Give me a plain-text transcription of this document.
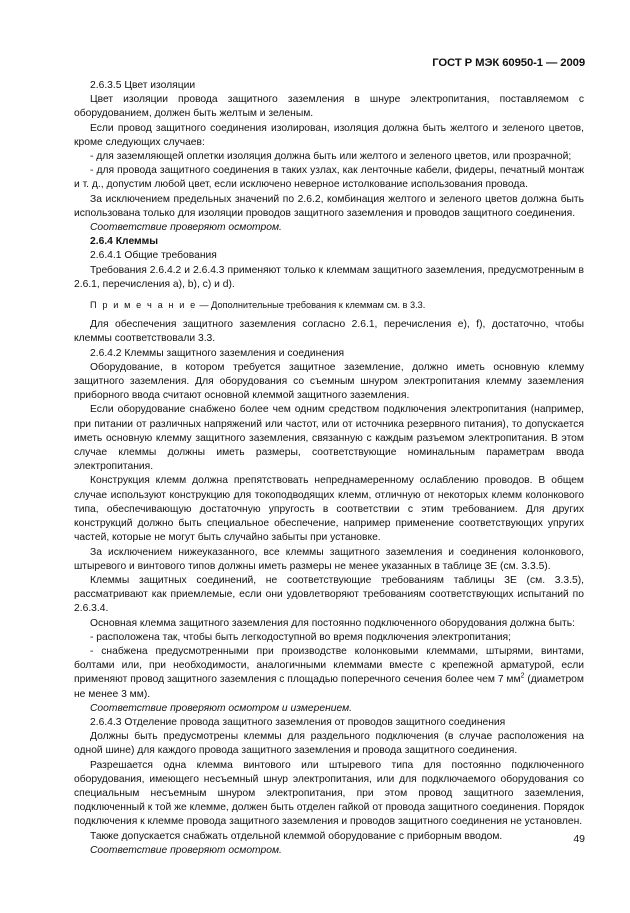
ГОСТ Р МЭК 60950-1 — 2009

2.6.3.5 Цвет изоляции

Цвет изоляции провода защитного заземления в шнуре электропитания, поставляемом с оборудованием, должен быть желтым и зеленым.

Если провод защитного соединения изолирован, изоляция должна быть желтого и зеленого цветов, кроме следующих случаев:

- для заземляющей оплетки изоляция должна быть или желтого и зеленого цветов, или прозрачной;

- для провода защитного соединения в таких узлах, как ленточные кабели, фидеры, печатный монтаж и т. д., допустим любой цвет, если исключено неверное истолкование использования провода.

За исключением предельных значений по 2.6.2, комбинация желтого и зеленого цветов должна быть использована только для изоляции проводов защитного заземления и проводов защитного соединения.

Соответствие проверяют осмотром.

2.6.4 Клеммы

2.6.4.1 Общие требования

Требования 2.6.4.2 и 2.6.4.3 применяют только к клеммам защитного заземления, предусмотренным в 2.6.1, перечисления а), b), с) и d).

П р и м е ч а н и е — Дополнительные требования к клеммам см. в 3.3.

Для обеспечения защитного заземления согласно 2.6.1, перечисления е), f), достаточно, чтобы клеммы соответствовали 3.3.

2.6.4.2 Клеммы защитного заземления и соединения

Оборудование, в котором требуется защитное заземление, должно иметь основную клемму защитного заземления. Для оборудования со съемным шнуром электропитания клемму заземления приборного ввода считают основной клеммой защитного заземления.

Если оборудование снабжено более чем одним средством подключения электропитания (например, при питании от различных напряжений или частот, или от источника резервного питания), то допускается иметь основную клемму защитного заземления, связанную с каждым разъемом электропитания. В этом случае клеммы должны иметь размеры, соответствующие номинальным параметрам ввода электропитания.

Конструкция клемм должна препятствовать непреднамеренному ослаблению проводов. В общем случае используют конструкцию для токоподводящих клемм, отличную от некоторых клемм колонкового типа, обеспечивающую достаточную упругость в соответствии с этим требованием. Для других конструкций должно быть специальное обеспечение, например применение соответствующих упругих частей, которые не могут быть случайно забыты при установке.

За исключением нижеуказанного, все клеммы защитного заземления и соединения колонкового, штыревого и винтового типов должны иметь размеры не менее указанных в таблице 3Е (см. 3.3.5).

Клеммы защитных соединений, не соответствующие требованиям таблицы 3Е (см. 3.3.5), рассматривают как приемлемые, если они удовлетворяют требованиям соответствующих испытаний по 2.6.3.4.

Основная клемма защитного заземления для постоянно подключенного оборудования должна быть:

- расположена так, чтобы быть легкодоступной во время подключения электропитания;

- снабжена предусмотренными при производстве колонковыми клеммами, штырями, винтами, болтами или, при необходимости, аналогичными клеммами вместе с крепежной арматурой, если применяют провод защитного заземления с площадью поперечного сечения более чем 7 $мм^2$ (диаметром не менее 3 мм).

Соответствие проверяют осмотром и измерением.

2.6.4.3 Отделение провода защитного заземления от проводов защитного соединения

Должны быть предусмотрены клеммы для раздельного подключения (в случае расположения на одной шине) для каждого провода защитного заземления и провода защитного соединения.

Разрешается одна клемма винтового или штыревого типа для постоянно подключенного оборудования, имеющего несъемный шнур электропитания, или для подключаемого оборудования со специальным несъемным шнуром электропитания, при этом провод защитного заземления, подключенный к той же клемме, должен быть отделен гайкой от провода защитного соединения. Порядок подключения к клемме провода защитного заземления и проводов защитного соединения не установлен.

Также допускается снабжать отдельной клеммой оборудование с приборным вводом.

Соответствие проверяют осмотром.

49
